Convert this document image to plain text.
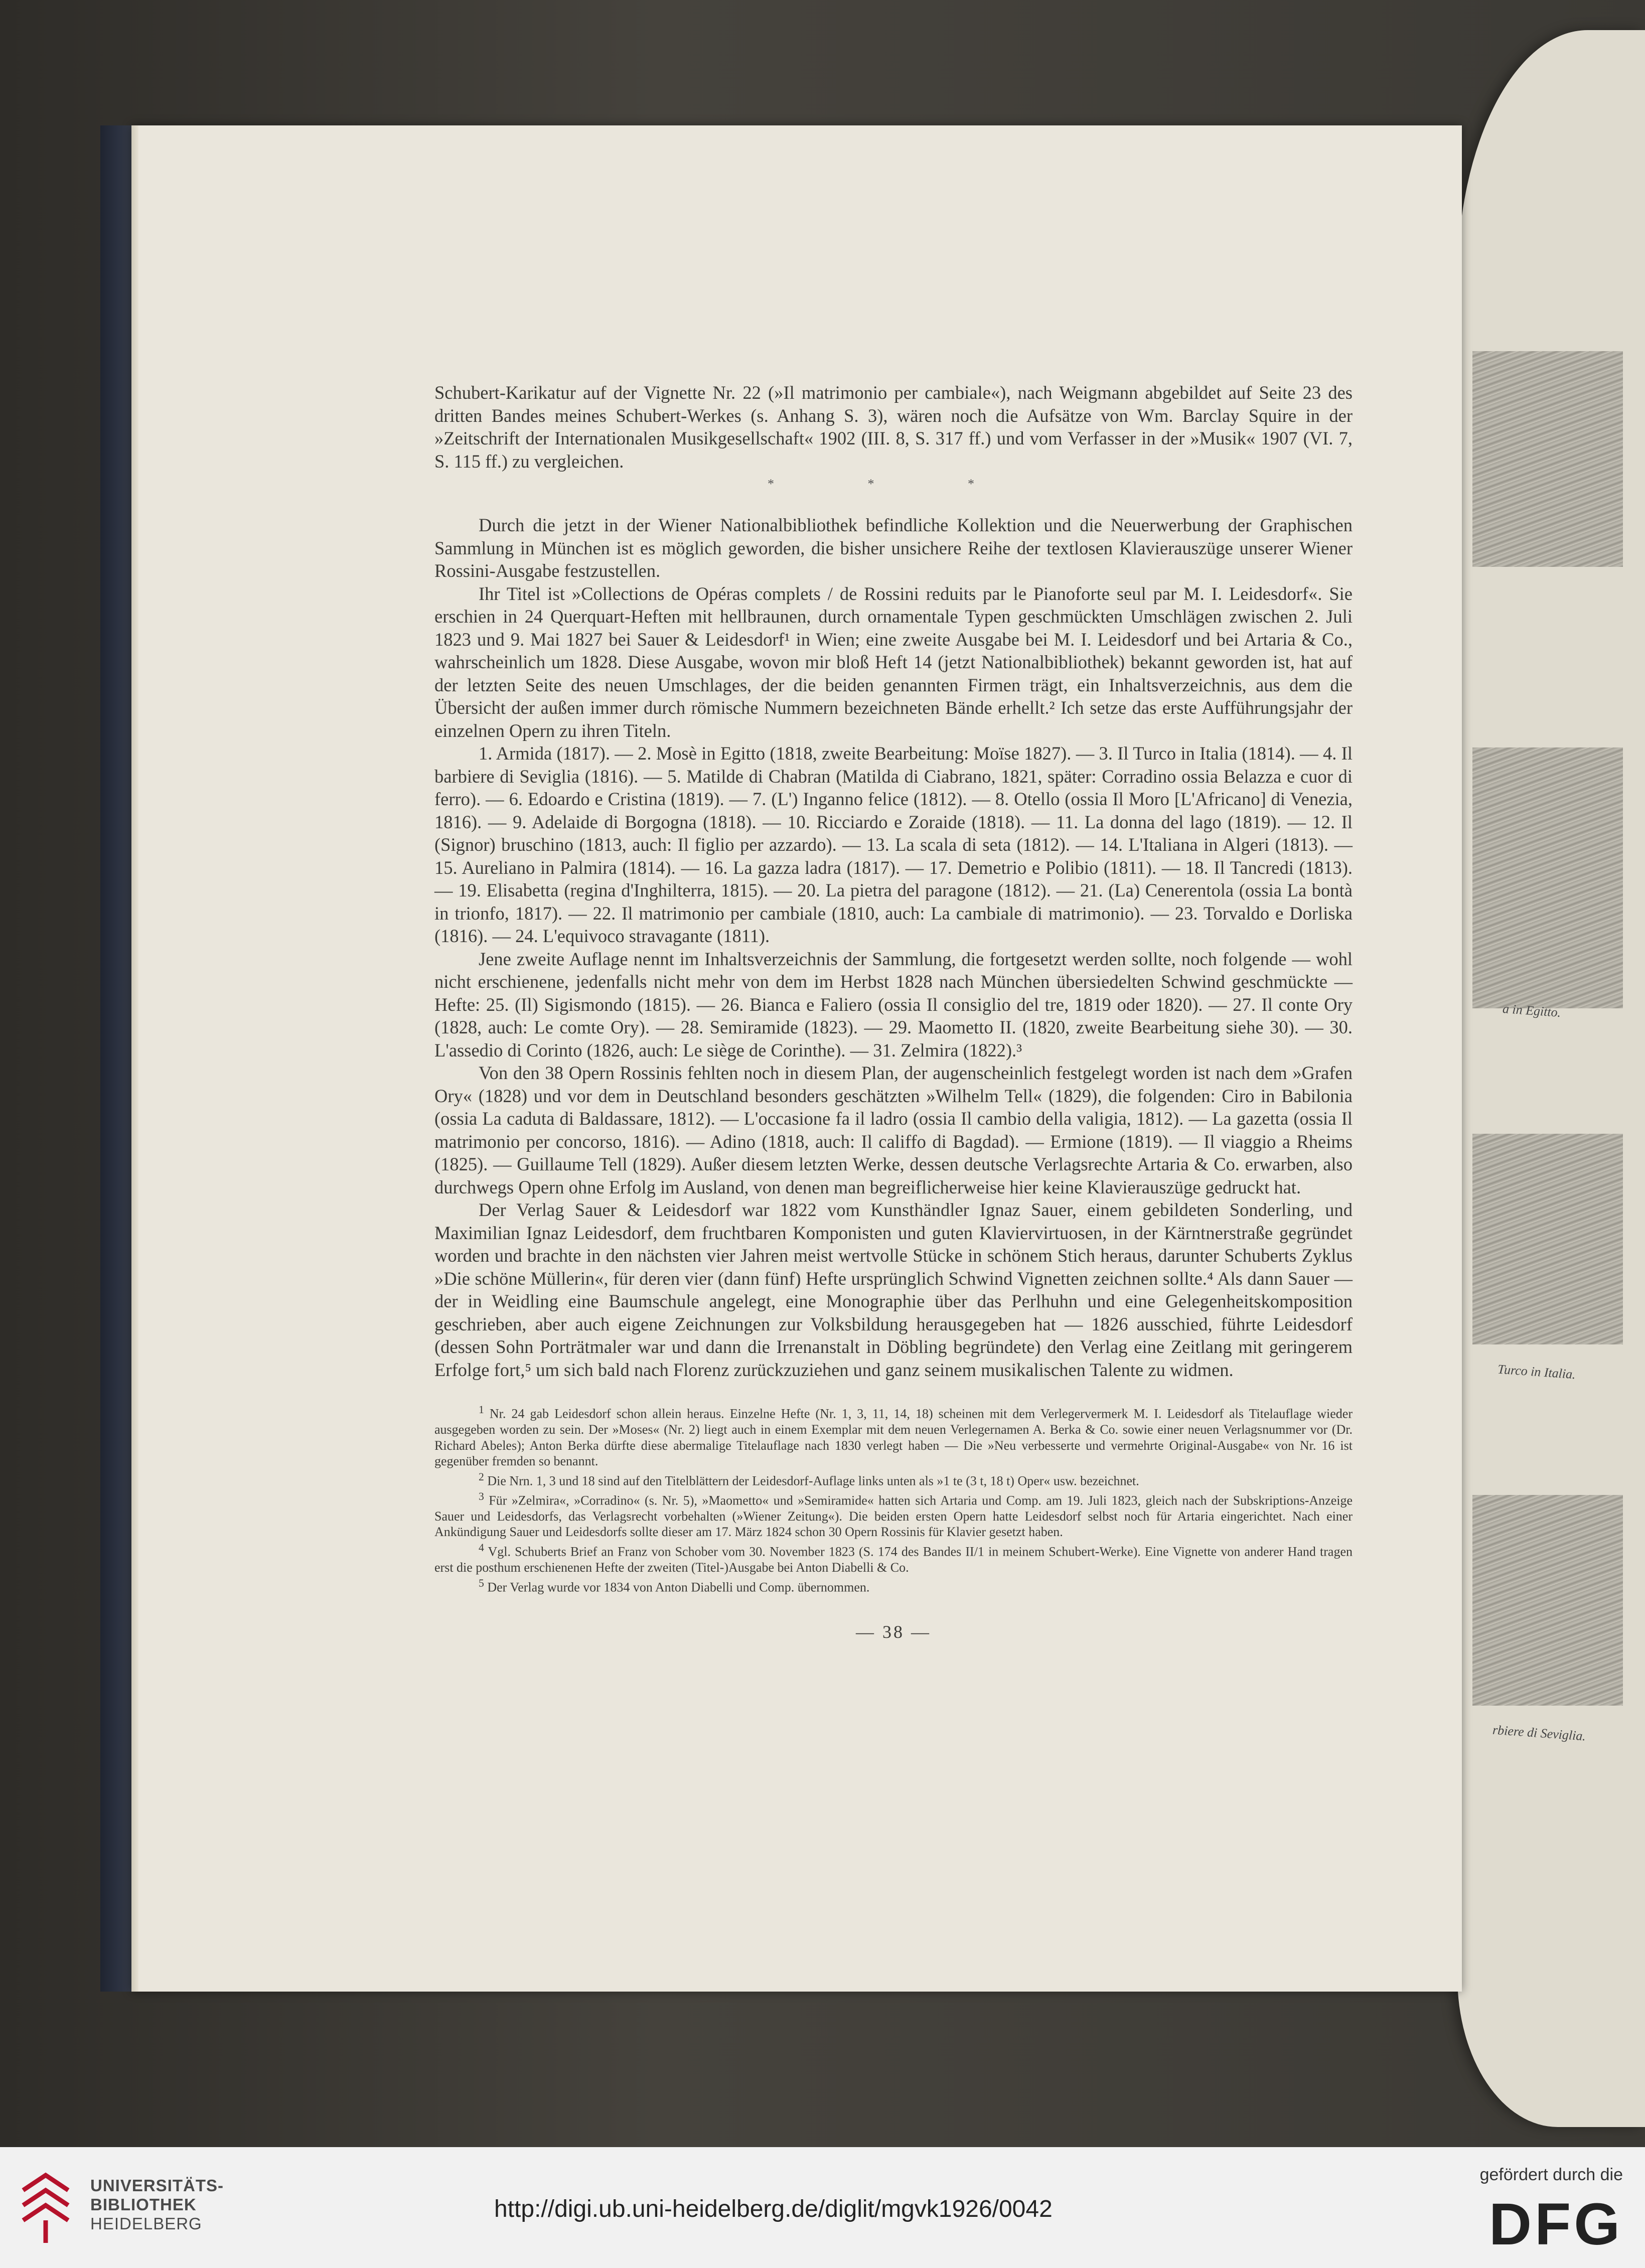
a in Egitto.
Turco in Italia.
rbiere di Seviglia.

Schubert-Karikatur auf der Vignette Nr. 22 (»Il matrimonio per cambiale«), nach Weigmann abgebildet auf Seite 23 des dritten Bandes meines Schubert-Werkes (s. Anhang S. 3), wären noch die Aufsätze von Wm. Barclay Squire in der »Zeitschrift der Internationalen Musikgesellschaft« 1902 (III. 8, S. 317 ff.) und vom Verfasser in der »Musik« 1907 (VI. 7, S. 115 ff.) zu vergleichen.

* * *

Durch die jetzt in der Wiener Nationalbibliothek befindliche Kollektion und die Neuerwerbung der Graphischen Sammlung in München ist es möglich geworden, die bisher unsichere Reihe der textlosen Klavierauszüge unserer Wiener Rossini-Ausgabe festzustellen.

Ihr Titel ist »Collections de Opéras complets / de Rossini reduits par le Pianoforte seul par M. I. Leidesdorf«. Sie erschien in 24 Querquart-Heften mit hellbraunen, durch ornamentale Typen geschmückten Umschlägen zwischen 2. Juli 1823 und 9. Mai 1827 bei Sauer & Leidesdorf¹ in Wien; eine zweite Ausgabe bei M. I. Leidesdorf und bei Artaria & Co., wahrscheinlich um 1828. Diese Ausgabe, wovon mir bloß Heft 14 (jetzt Nationalbibliothek) bekannt geworden ist, hat auf der letzten Seite des neuen Umschlages, der die beiden genannten Firmen trägt, ein Inhaltsverzeichnis, aus dem die Übersicht der außen immer durch römische Nummern bezeichneten Bände erhellt.² Ich setze das erste Aufführungsjahr der einzelnen Opern zu ihren Titeln.

1. Armida (1817). — 2. Mosè in Egitto (1818, zweite Bearbeitung: Moïse 1827). — 3. Il Turco in Italia (1814). — 4. Il barbiere di Seviglia (1816). — 5. Matilde di Chabran (Matilda di Ciabrano, 1821, später: Corradino ossia Belazza e cuor di ferro). — 6. Edoardo e Cristina (1819). — 7. (L') Inganno felice (1812). — 8. Otello (ossia Il Moro [L'Africano] di Venezia, 1816). — 9. Adelaide di Borgogna (1818). — 10. Ricciardo e Zoraide (1818). — 11. La donna del lago (1819). — 12. Il (Signor) bruschino (1813, auch: Il figlio per azzardo). — 13. La scala di seta (1812). — 14. L'Italiana in Algeri (1813). — 15. Aureliano in Palmira (1814). — 16. La gazza ladra (1817). — 17. Demetrio e Polibio (1811). — 18. Il Tancredi (1813). — 19. Elisabetta (regina d'Inghilterra, 1815). — 20. La pietra del paragone (1812). — 21. (La) Cenerentola (ossia La bontà in trionfo, 1817). — 22. Il matrimonio per cambiale (1810, auch: La cambiale di matrimonio). — 23. Torvaldo e Dorliska (1816). — 24. L'equivoco stravagante (1811).

Jene zweite Auflage nennt im Inhaltsverzeichnis der Sammlung, die fortgesetzt werden sollte, noch folgende — wohl nicht erschienene, jedenfalls nicht mehr von dem im Herbst 1828 nach München übersiedelten Schwind geschmückte — Hefte: 25. (Il) Sigismondo (1815). — 26. Bianca e Faliero (ossia Il consiglio del tre, 1819 oder 1820). — 27. Il conte Ory (1828, auch: Le comte Ory). — 28. Semiramide (1823). — 29. Maometto II. (1820, zweite Bearbeitung siehe 30). — 30. L'assedio di Corinto (1826, auch: Le siège de Corinthe). — 31. Zelmira (1822).³

Von den 38 Opern Rossinis fehlten noch in diesem Plan, der augenscheinlich festgelegt worden ist nach dem »Grafen Ory« (1828) und vor dem in Deutschland besonders geschätzten »Wilhelm Tell« (1829), die folgenden: Ciro in Babilonia (ossia La caduta di Baldassare, 1812). — L'occasione fa il ladro (ossia Il cambio della valigia, 1812). — La gazetta (ossia Il matrimonio per concorso, 1816). — Adino (1818, auch: Il califfo di Bagdad). — Ermione (1819). — Il viaggio a Rheims (1825). — Guillaume Tell (1829). Außer diesem letzten Werke, dessen deutsche Verlagsrechte Artaria & Co. erwarben, also durchwegs Opern ohne Erfolg im Ausland, von denen man begreiflicherweise hier keine Klavierauszüge gedruckt hat.

Der Verlag Sauer & Leidesdorf war 1822 vom Kunsthändler Ignaz Sauer, einem gebildeten Sonderling, und Maximilian Ignaz Leidesdorf, dem fruchtbaren Komponisten und guten Klaviervirtuosen, in der Kärntnerstraße gegründet worden und brachte in den nächsten vier Jahren meist wertvolle Stücke in schönem Stich heraus, darunter Schuberts Zyklus »Die schöne Müllerin«, für deren vier (dann fünf) Hefte ursprünglich Schwind Vignetten zeichnen sollte.⁴ Als dann Sauer — der in Weidling eine Baumschule angelegt, eine Monographie über das Perlhuhn und eine Gelegenheitskomposition geschrieben, aber auch eigene Zeichnungen zur Volksbildung herausgegeben hat — 1826 ausschied, führte Leidesdorf (dessen Sohn Porträtmaler war und dann die Irrenanstalt in Döbling begründete) den Verlag eine Zeitlang mit geringerem Erfolge fort,⁵ um sich bald nach Florenz zurückzuziehen und ganz seinem musikalischen Talente zu widmen.

$^1$ Nr. 24 gab Leidesdorf schon allein heraus. Einzelne Hefte (Nr. 1, 3, 11, 14, 18) scheinen mit dem Verlegervermerk M. I. Leidesdorf als Titelauflage wieder ausgegeben worden zu sein. Der »Moses« (Nr. 2) liegt auch in einem Exemplar mit dem neuen Verlegernamen A. Berka & Co. sowie einer neuen Verlagsnummer vor (Dr. Richard Abeles); Anton Berka dürfte diese abermalige Titelauflage nach 1830 verlegt haben — Die »Neu verbesserte und vermehrte Original-Ausgabe« von Nr. 16 ist gegenüber fremden so benannt.

$^2$ Die Nrn. 1, 3 und 18 sind auf den Titelblättern der Leidesdorf-Auflage links unten als »1 te (3 t, 18 t) Oper« usw. bezeichnet.

$^3$ Für »Zelmira«, »Corradino« (s. Nr. 5), »Maometto« und »Semiramide« hatten sich Artaria und Comp. am 19. Juli 1823, gleich nach der Subskriptions-Anzeige Sauer und Leidesdorfs, das Verlagsrecht vorbehalten (»Wiener Zeitung«). Die beiden ersten Opern hatte Leidesdorf selbst noch für Artaria eingerichtet. Nach einer Ankündigung Sauer und Leidesdorfs sollte dieser am 17. März 1824 schon 30 Opern Rossinis für Klavier gesetzt haben.

$^4$ Vgl. Schuberts Brief an Franz von Schober vom 30. November 1823 (S. 174 des Bandes II/1 in meinem Schubert-Werke). Eine Vignette von anderer Hand tragen erst die posthum erschienenen Hefte der zweiten (Titel-)Ausgabe bei Anton Diabelli & Co.

$^5$ Der Verlag wurde vor 1834 von Anton Diabelli und Comp. übernommen.

— 38 —
UNIVERSITÄTS-
BIBLIOTHEK
HEIDELBERG
http://digi.ub.uni-heidelberg.de/diglit/mgvk1926/0042
gefördert durch die
DFG
